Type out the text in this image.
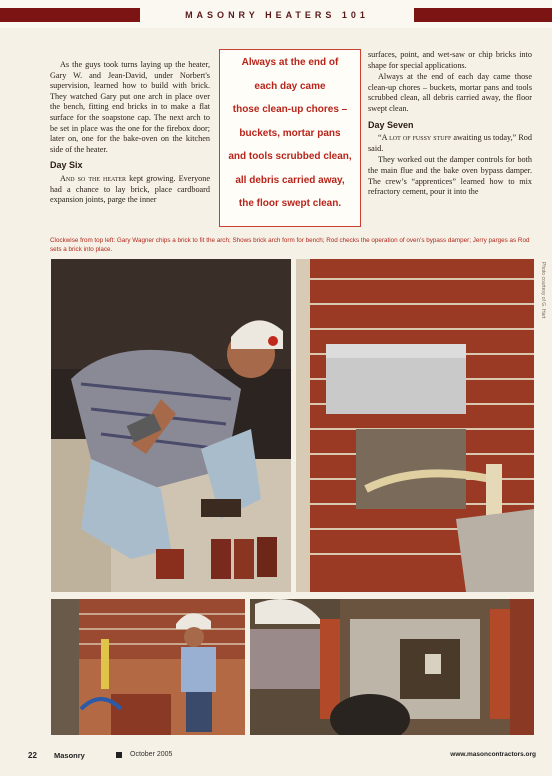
MASONRY HEATERS 101

As the guys took turns laying up the heater, Gary W. and Jean-David, under Norbert's supervision, learned how to build with brick. They watched Gary put one arch in place over the bench, fitting end bricks in to make a flat surface for the soapstone cap. The next arch to be set in place was the one for the firebox door; later on, one for the bake-oven on the kitchen side of the heater.

Day Six

And so the heater kept growing. Everyone had a chance to lay brick, place cardboard expansion joints, parge the inner

Always at the end of
each day came
those clean-up chores –
buckets, mortar pans
and tools scrubbed clean,
all debris carried away,
the floor swept clean.

surfaces, point, and wet-saw or chip bricks into shape for special applications.

Always at the end of each day came those clean-up chores – buckets, mortar pans and tools scrubbed clean, all debris carried away, the floor swept clean.

Day Seven

“A lot of fussy stuff awaiting us today,” Rod said.

They worked out the damper controls for both the main flue and the bake oven bypass damper. The crew’s “apprentices” learned how to mix refractory cement, pour it into the

Clockwise from top left: Gary Wagner chips a brick to fit the arch; Shows brick arch form for bench; Rod checks the operation of oven’s bypass damper; Jerry parges as Rod sets a brick into place.
Photo courtesy of G. Hart
22 Masonry	October 2005	www.masoncontractors.org
